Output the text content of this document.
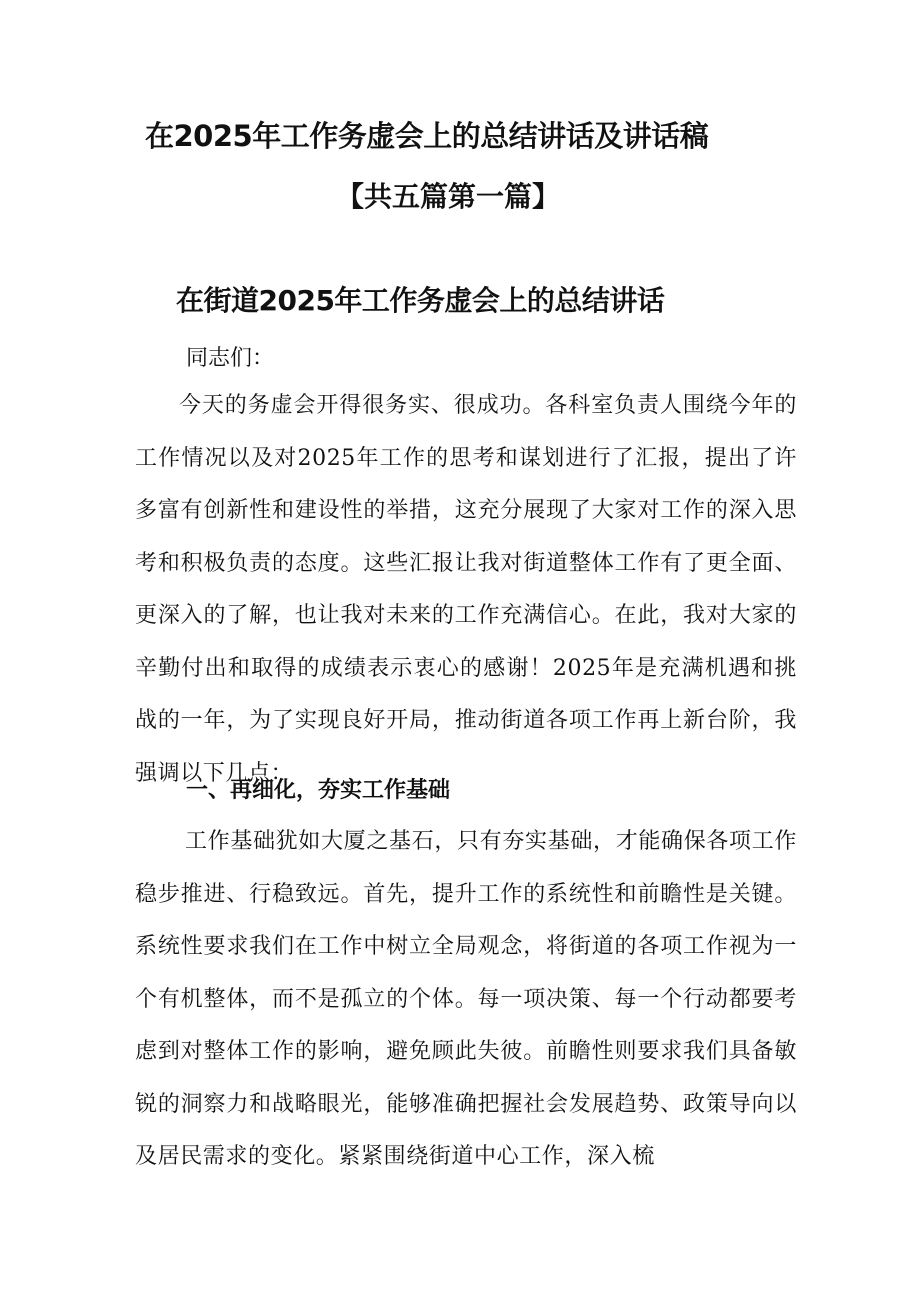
在2025年工作务虚会上的总结讲话及讲话稿
【共五篇第一篇】
在街道2025年工作务虚会上的总结讲话
同志们：
今天的务虚会开得很务实、很成功。各科室负责人围绕今年的工作情况以及对2025年工作的思考和谋划进行了汇报，提出了许多富有创新性和建设性的举措，这充分展现了大家对工作的深入思考和积极负责的态度。这些汇报让我对街道整体工作有了更全面、更深入的了解，也让我对未来的工作充满信心。在此，我对大家的辛勤付出和取得的成绩表示衷心的感谢！2025年是充满机遇和挑战的一年，为了实现良好开局，推动街道各项工作再上新台阶，我强调以下几点：
一、再细化，夯实工作基础
工作基础犹如大厦之基石，只有夯实基础，才能确保各项工作稳步推进、行稳致远。首先，提升工作的系统性和前瞻性是关键。系统性要求我们在工作中树立全局观念，将街道的各项工作视为一个有机整体，而不是孤立的个体。每一项决策、每一个行动都要考虑到对整体工作的影响，避免顾此失彼。前瞻性则要求我们具备敏锐的洞察力和战略眼光，能够准确把握社会发展趋势、政策导向以及居民需求的变化。紧紧围绕街道中心工作，深入梳
